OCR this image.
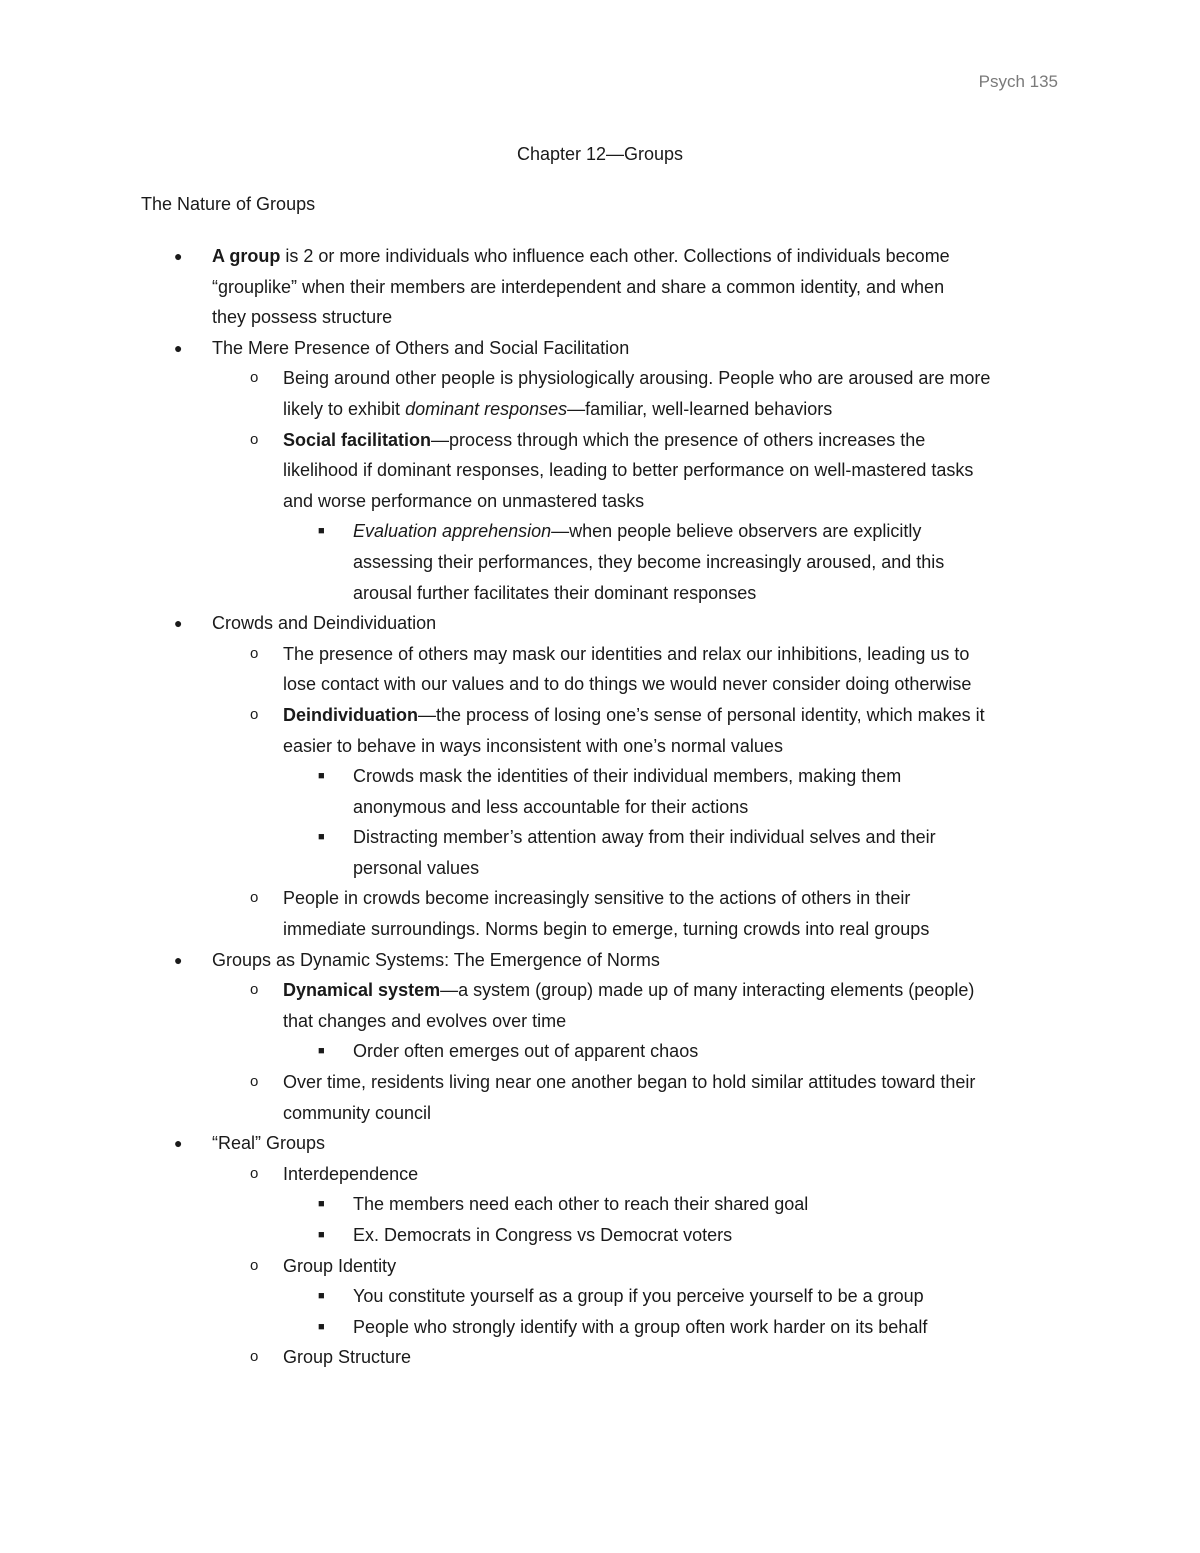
Psych 135
Chapter 12—Groups
The Nature of Groups
● A group is 2 or more individuals who influence each other. Collections of individuals become
“grouplike” when their members are interdependent and share a common identity, and when
they possess structure
● The Mere Presence of Others and Social Facilitation
o Being around other people is physiologically arousing. People who are aroused are more
likely to exhibit dominant responses—familiar, well-learned behaviors
o Social facilitation—process through which the presence of others increases the
likelihood if dominant responses, leading to better performance on well-mastered tasks
and worse performance on unmastered tasks
■ Evaluation apprehension—when people believe observers are explicitly
assessing their performances, they become increasingly aroused, and this
arousal further facilitates their dominant responses
● Crowds and Deindividuation
o The presence of others may mask our identities and relax our inhibitions, leading us to
lose contact with our values and to do things we would never consider doing otherwise
o Deindividuation—the process of losing one’s sense of personal identity, which makes it
easier to behave in ways inconsistent with one’s normal values
■ Crowds mask the identities of their individual members, making them
anonymous and less accountable for their actions
■ Distracting member’s attention away from their individual selves and their
personal values
o People in crowds become increasingly sensitive to the actions of others in their
immediate surroundings. Norms begin to emerge, turning crowds into real groups
● Groups as Dynamic Systems: The Emergence of Norms
o Dynamical system—a system (group) made up of many interacting elements (people)
that changes and evolves over time
■ Order often emerges out of apparent chaos
o Over time, residents living near one another began to hold similar attitudes toward their
community council
● “Real” Groups
o Interdependence
■ The members need each other to reach their shared goal
■ Ex. Democrats in Congress vs Democrat voters
o Group Identity
■ You constitute yourself as a group if you perceive yourself to be a group
■ People who strongly identify with a group often work harder on its behalf
o Group Structure
